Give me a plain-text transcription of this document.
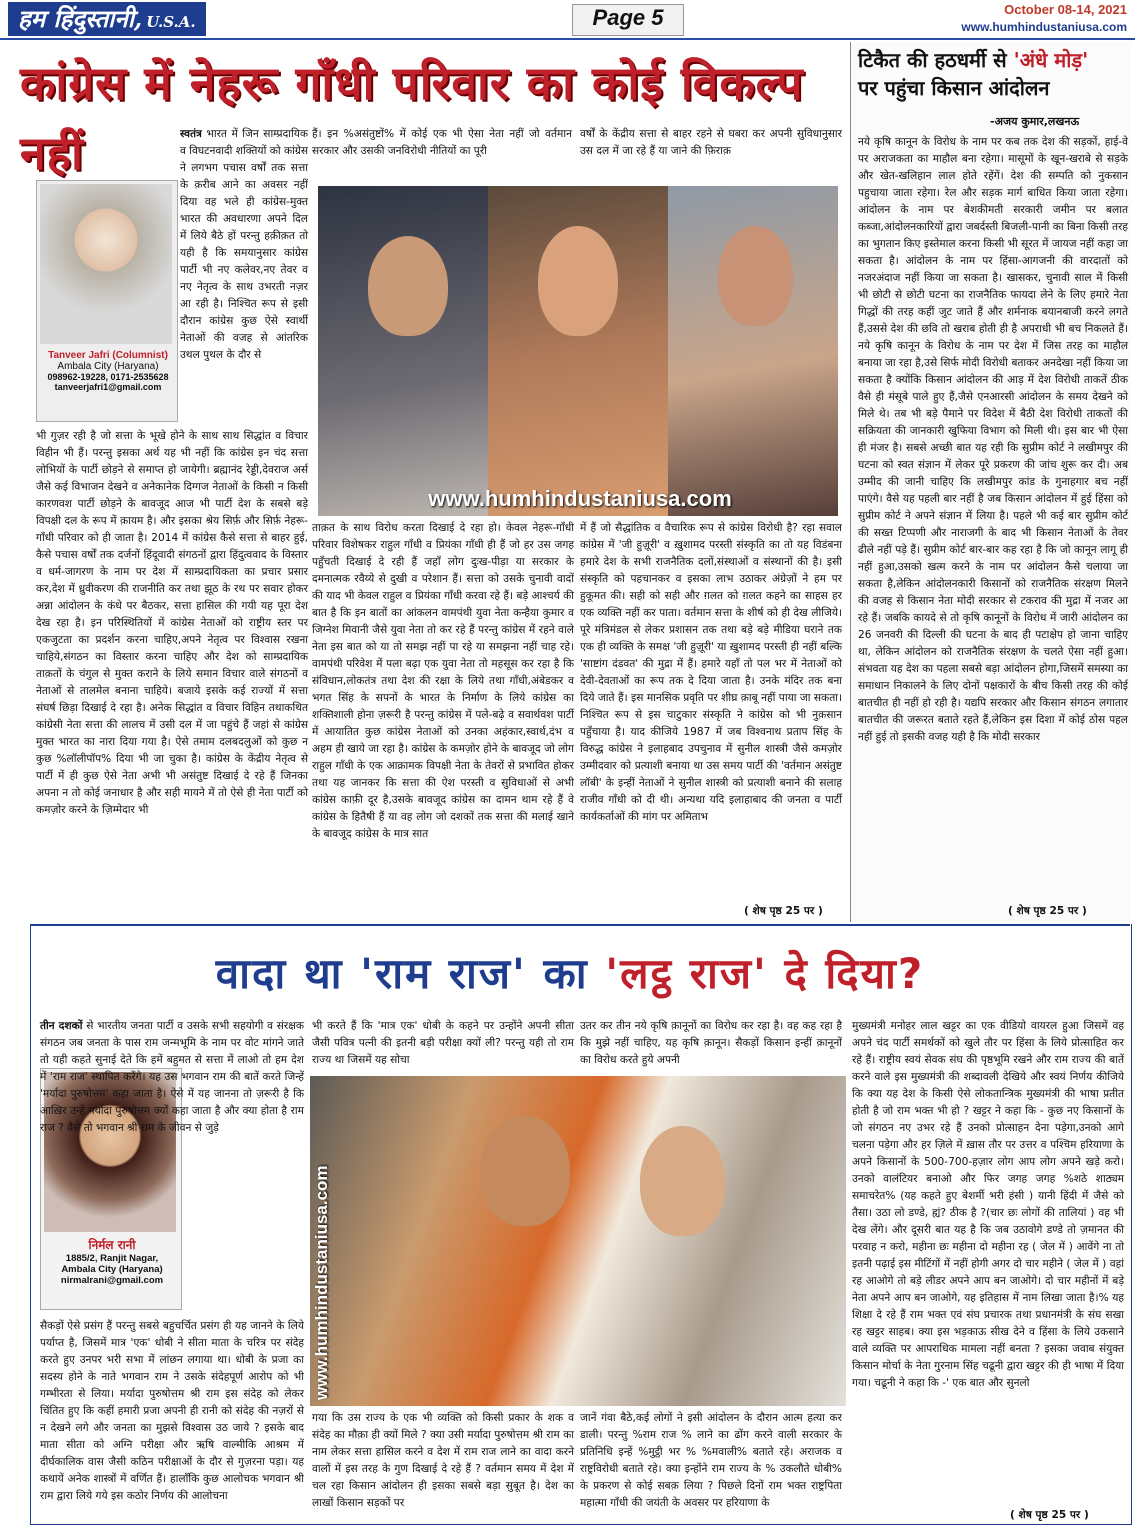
हम हिंदुस्तानी, U.S.A.	Page 5	October 08-14, 2021
www.humhindustaniusa.com
कांग्रेस में नेहरू गाँधी परिवार का कोई विकल्प नहीं
Tanveer Jafri (Columnist)
Ambala City (Haryana)
098962-19228, 0171-2535628
tanveerjafri1@gmail.com
स्वतंत्र भारत में जिन साम्प्रदायिक व विघटनवादी शक्तियों को कांग्रेस ने लगभग पचास वर्षों तक सत्ता के क़रीब आने का अवसर नहीं दिया वह भले ही कांग्रेस-मुक्त भारत की अवधारणा अपने दिल में लिये बैठे हों परन्तु हक़ीक़त तो यही है कि समयानुसार कांग्रेस पार्टी भी नए कलेवर,नए तेवर व नए नेतृत्व के साथ उभरती नज़र आ रही है। निश्चित रूप से इसी दौरान कांग्रेस कुछ ऐसे स्वार्थी नेताओं की वजह से आंतरिक उथल पुथल के दौर से
भी गुज़र रही है जो सत्ता के भूखे होने के साथ साथ सिद्धांत व विचार विहीन भी हैं। परन्तु इसका अर्थ यह भी नहीं कि कांग्रेस इन चंद सत्ता लोभियों के पार्टी छोड़ने से समाप्त हो जायेगी। ब्रह्मानंद रेड्डी,देवराज अर्स जैसे कई विभाजन देखने व अनेकानेक दिग्गज नेताओं के किसी न किसी कारणवश पार्टी छोड़ने के बावजूद आज भी पार्टी देश के सबसे बड़े विपक्षी दल के रूप में क़ायम है। और इसका श्रेय सिर्फ़ और सिर्फ़ नेहरू-गाँधी परिवार को ही जाता है। 2014 में कांग्रेस कैसे सत्ता से बाहर हुई, कैसे पचास वर्षों तक दर्जनों हिंदूवादी संगठनों द्वारा हिंदुत्ववाद के विस्तार व धर्म-जागरण के नाम पर देश में साम्प्रदायिकता का प्रचार प्रसार कर,देश में ध्रुवीकरण की राजनीति कर तथा झूठ के रथ पर सवार होकर अन्ना आंदोलन के कंधे पर बैठकर, सत्ता हासिल की गयी यह पूरा देश देख रहा है। इन परिस्थितियों में कांग्रेस नेताओं को राष्ट्रीय स्तर पर एकजुटता का प्रदर्शन करना चाहिए,अपने नेतृत्व पर विश्वास रखना चाहिये,संगठन का विस्तार करना चाहिए और देश को साम्प्रदायिक ताक़तों के चंगुल से मुक्त कराने के लिये समान विचार वाले संगठनों व नेताओं से तालमेल बनाना चाहिये। बजाये इसके कई राज्यों में सत्ता संघर्ष छिड़ा दिखाई दे रहा है। अनेक सिद्धांत व विचार विहिन तथाकथित कांग्रेसी नेता सत्ता की लालच में उसी दल में जा पहुंचे हैं जहां से कांग्रेस मुक्त भारत का नारा दिया गया है। ऐसे तमाम दलबदलुओं को कुछ न कुछ %लॉलीपॉप% दिया भी जा चुका है। कांग्रेस के केंद्रीय नेतृत्व से पार्टी में ही कुछ ऐसे नेता अभी भी असंतुष्ट दिखाई दे रहे हैं जिनका अपना न तो कोई जनाधार है और सही मायने में तो ऐसे ही नेता पार्टी को कमज़ोर करने के ज़िम्मेदार भी
www.humhindustaniusa.com
हैं। इन %असंतुष्टों% में कोई एक भी ऐसा नेता नहीं जो वर्तमान सरकार और उसकी जनविरोधी नीतियों का पूरी
वर्षों के केंद्रीय सत्ता से बाहर रहने से घबरा कर अपनी सुविधानुसार उस दल में जा रहे हैं या जाने की फ़िराक़
ताक़त के साथ विरोध करता दिखाई दे रहा हो। केवल नेहरू-गाँधी परिवार विशेषकर राहुल गाँधी व प्रियंका गाँधी ही हैं जो हर उस जगह पहुँचती दिखाई दे रही हैं जहाँ लोग दुःख-पीड़ा या सरकार के दमनात्मक रवैय्ये से दुखी व परेशान हैं। सत्ता को उसके चुनावी वादों की याद भी केवल राहुल व प्रियंका गाँधी करवा रहे हैं। बड़े आश्चर्य की बात है कि इन बातों का आंकलन वामपंथी युवा नेता कन्हैया कुमार व जिग्नेश मिवानी जैसे युवा नेता तो कर रहे हैं परन्तु कांग्रेस में रहने वाले नेता इस बात को या तो समझ नहीं पा रहे या समझना नहीं चाह रहे। वामपंथी परिवेश में पला बढ़ा एक युवा नेता तो महसूस कर रहा है कि संविधान,लोकतंत्र तथा देश की रक्षा के लिये तथा गाँधी,अंबेडकर व भगत सिंह के सपनों के भारत के निर्माण के लिये कांग्रेस का शक्तिशाली होना ज़रूरी है परन्तु कांग्रेस में पले-बढ़े व सवार्थवश पार्टी में आयातित कुछ कांग्रेस नेताओं को उनका अहंकार,स्वार्थ,दंभ व अहम ही खाये जा रहा है। कांग्रेस के कमज़ोर होने के बावजूद जो लोग राहुल गाँधी के एक आक्रामक विपक्षी नेता के तेवरों से प्रभावित होकर तथा यह जानकर कि सत्ता की ऐश परस्ती व सुविधाओं से अभी कांग्रेस काफ़ी दूर है,उसके बावजूद कांग्रेस का दामन थाम रहे हैं वे कांग्रेस के हितैषी हैं या वह लोग जो दशकों तक सत्ता की मलाई खाने के बावजूद कांग्रेस के मात्र सात
में हैं जो सैद्धांतिक व वैचारिक रूप से कांग्रेस विरोधी है? रहा सवाल कांग्रेस में 'जी हुज़ूरी' व ख़ुशामद परस्ती संस्कृति का तो यह विडंबना हमारे देश के सभी राजनैतिक दलों,संस्थाओं व संस्थानों की है। इसी संस्कृति को पहचानकर व इसका लाभ उठाकर अंग्रेज़ों ने हम पर हुकूमत की। सही को सही और ग़लत को ग़लत कहने का साहस हर एक व्यक्ति नहीं कर पाता। वर्तमान सत्ता के शीर्ष को ही देख लीजिये। पूरे मंत्रिमंडल से लेकर प्रशासन तक तथा बड़े बड़े मीडिया घराने तक एक ही व्यक्ति के समक्ष 'जी हुज़ूरी' या ख़ुशामद परस्ती ही नहीं बल्कि 'साष्टांग दंडवत' की मुद्रा में हैं। हमारे यहाँ तो पल भर में नेताओं को देवी-देवताओं का रूप तक दे दिया जाता है। उनके मंदिर तक बना दिये जाते हैं। इस मानसिक प्रवृति पर शीघ्र क़ाबू नहीं पाया जा सकता। निश्चित रूप से इस चाटुकार संस्कृति ने कांग्रेस को भी नुक़सान पहुँचाया है। याद कीजिये 1987 में जब विश्वनाथ प्रताप सिंह के विरुद्ध कांग्रेस ने इलाहबाद उपचुनाव में सुनील शास्त्री जैसे कमज़ोर उम्मीदवार को प्रत्याशी बनाया था उस समय पार्टी की 'वर्तमान असंतुष्ट लॉबी' के इन्हीं नेताओं ने सुनील शास्त्री को प्रत्याशी बनाने की सलाह राजीव गाँधी को दी थी। अन्यथा यदि इलाहाबाद की जनता व पार्टी कार्यकर्ताओं की मांग पर अमिताभ
( शेष पृष्ठ 25 पर )
टिकैत की हठधर्मी से 'अंधे मोड़'
पर पहुंचा किसान आंदोलन
-अजय कुमार,लखनऊ
नये कृषि कानून के विरोध के नाम पर कब तक देश की सड़कों, हाई-वे पर अराजकता का माहौल बना रहेगा। मासूमों के खून-खराबे से सड़के और खेत-खलिहान लाल होते रहेंगें। देश की सम्पति को नुकसान पहुचाया जाता रहेगा। रेल और सड़क मार्ग बाधित किया जाता रहेगा। आंदोलन के नाम पर बेशकीमती सरकारी जमीन पर बलात कब्जा,आंदोलनकारियों द्वारा जबर्दस्ती बिजली-पानी का बिना किसी तरह का भुगतान किए इस्तेमाल करना किसी भी सूरत में जायज नहीं कहा जा सकता है। आंदोलन के नाम पर हिंसा-आगजनी की वारदातों को नजरअंदाज नहीं किया जा सकता है। खासकर, चुनावी साल में किसी भी छोटी से छोटी घटना का राजनैतिक फायदा लेने के लिए हमारे नेता गिद्धों की तरह कहीं जुट जाते हैं और शर्मनाक बयानबाजी करने लगते हैं,उससे देश की छवि तो खराब होती ही है अपराधी भी बच निकलते हैं। नये कृषि कानून के विरोध के नाम पर देश में जिस तरह का माहौल बनाया जा रहा है,उसे सिर्फ मोदी विरोधी बताकर अनदेखा नहीं किया जा सकता है क्योंकि किसान आंदोलन की आड़ में देश विरोधी ताकतें ठीक वैसे ही मंसूबे पाले हुए हैं,जैसे एनआरसी आंदोलन के समय देखने को मिले थे। तब भी बड़े पैमाने पर विदेश में बैठी देश विरोधी ताकतों की सक्रियता की जानकारी खुफिया विभाग को मिली थी। इस बार भी ऐसा ही मंजर है। सबसे अच्छी बात यह रही कि सुप्रीम कोर्ट ने लखीमपुर की घटना को स्वत संज्ञान में लेकर पूरे प्रकरण की जांच शुरू कर दी। अब उम्मीद की जानी चाहिए कि लखीमपुर कांड के गुनाहगार बच नहीं पाएंगे। वैसे यह पहली बार नहीं है जब किसान आंदोलन में हुई हिंसा को सुप्रीम कोर्ट ने अपने संज्ञान में लिया है। पहले भी कई बार सुप्रीम कोर्ट की सख्त टिप्पणी और नाराजगी के बाद भी किसान नेताओं के तेवर ढीले नहीं पड़े हैं। सुप्रीम कोर्ट बार-बार कह रहा है कि जो कानून लागू ही नहीं हुआ,उसको खत्म करने के नाम पर आंदोलन कैसे चलाया जा सकता है,लेकिन आंदोलनकारी किसानों को राजनैतिक संरक्षण मिलने की वजह से किसान नेता मोदी सरकार से टकराव की मुद्रा में नजर आ रहे हैं। जबकि कायदे से तो कृषि कानूनों के विरोध में जारी आंदोलन का 26 जनवरी की दिल्ली की घटना के बाद ही पटाक्षेप हो जाना चाहिए था, लेकिन आंदोलन को राजनैतिक संरक्षण के चलते ऐसा नहीं हुआ। संभवता यह देश का पहला सबसे बड़ा आंदोलन होगा,जिसमें समस्या का समाधान निकालने के लिए दोनों पक्षकारों के बीच किसी तरह की कोई बातचीत ही नहीं हो रही है। यद्यपि सरकार और किसान संगठन लगातार बातचीत की जरूरत बताते रहते हैं,लेकिन इस दिशा में कोई ठोस पहल नहीं हुई तो इसकी वजह यही है कि मोदी सरकार
( शेष पृष्ठ 25 पर )
वादा था 'राम राज' का 'लट्ठ राज' दे दिया?
निर्मल रानी
1885/2, Ranjit Nagar,
Ambala City (Haryana)
nirmalrani@gmail.com
तीन दशकों से भारतीय जनता पार्टी व उसके सभी सहयोगी व संरक्षक संगठन जब जनता के पास राम जन्मभूमि के नाम पर वोट मांगने जाते तो यही कहते सुनाई देते कि हमें बहुमत से सत्ता में लाओ तो हम देश में 'राम राज' स्थापित करेंगे। यह उस भगवान राम की बातें करते जिन्हें 'मर्यादा पुरुषोत्तम' कहा जाता है। ऐसे में यह जानना तो ज़रूरी है कि आख़िर उन्हें मर्यादा पुरुषोत्तम क्यों कहा जाता है और क्या होता है राम राज ? वैसे तो भगवान श्री राम के जीवन से जुड़े
सैकड़ों ऐसे प्रसंग हैं परन्तु सबसे बहुचर्चित प्रसंग ही यह जानने के लिये पर्याप्त है, जिसमें मात्र 'एक' धोबी ने सीता माता के चरित्र पर संदेह करते हुए उनपर भरी सभा में लांछन लगाया था। धोबी के प्रजा का सदस्य होने के नाते भगवान राम ने उसके संदेहपूर्ण आरोप को भी गम्भीरता से लिया। मर्यादा पुरुषोत्तम श्री राम इस संदेह को लेकर चिंतित हुए कि कहीं हमारी प्रजा अपनी ही रानी को संदेह की नज़रों से न देखने लगे और जनता का मुझसे विश्वास उठ जाये ? इसके बाद माता सीता को अग्नि परीक्षा और ऋषि वाल्मीकि आश्रम में दीर्घकालिक वास जैसी कठिन परीक्षाओं के दौर से गुज़रना पड़ा। यह कथायें अनेक शास्त्रों में वर्णित हैं। हालाँकि कुछ आलोचक भगवान श्री राम द्वारा लिये गये इस कठोर निर्णय की आलोचना
भी करते हैं कि 'मात्र एक' धोबी के कहने पर उन्होंने अपनी सीता जैसी पवित्र पत्नी की इतनी बड़ी परीक्षा क्यों ली? परन्तु यही तो राम राज्य था जिसमें यह सोचा
उतर कर तीन नये कृषि क़ानूनों का विरोध कर रहा है। वह कह रहा है कि मुझे नहीं चाहिए, यह कृषि क़ानून। सैकड़ों किसान इन्हीं क़ानूनों का विरोध करते हुये अपनी
www.humhindustaniusa.com
गया कि उस राज्य के एक भी व्यक्ति को किसी प्रकार के शक व संदेह का मौक़ा ही क्यों मिले ? क्या उसी मर्यादा पुरुषोत्तम श्री राम का नाम लेकर सत्ता हासिल करने व देश में राम राज लाने का वादा करने वालों में इस तरह के गुण दिखाई दे रहे हैं ? वर्तमान समय में देश में चल रहा किसान आंदोलन ही इसका सबसे बड़ा सुबूत है। देश का लाखों किसान सड़कों पर
जानें गंवा बैठे,कई लोगों ने इसी आंदोलन के दौरान आत्म हत्या कर डाली। परन्तु %राम राज % लाने का ढोंग करने वाली सरकार के प्रतिनिधि इन्हें %मुट्ठी भर % %मवाली% बताते रहे। अराजक व राष्ट्रविरोधी बताते रहे। क्या इन्होंने राम राज्य के % उकलौते धोबी% के प्रकरण से कोई सबक़ लिया ? पिछले दिनों राम भक्त राष्ट्रपिता महात्मा गाँधी की जयंती के अवसर पर हरियाणा के
मुख्यमंत्री मनोहर लाल खट्टर का एक वीडियो वायरल हुआ जिसमें वह अपने चंद पार्टी समर्थकों को खुले तौर पर हिंसा के लिये प्रोत्साहित कर रहे हैं। राष्ट्रीय स्वयं सेवक संघ की पृष्ठभूमि रखने और राम राज्य की बातें करने वाले इस मुख्यमंत्री की शब्दावली देखिये और स्वयं निर्णय कीजिये कि क्या यह देश के किसी ऐसे लोकतान्त्रिक मुख्यमंत्री की भाषा प्रतीत होती है जो राम भक्त भी हो ? खट्टर ने कहा कि - कुछ नए किसानों के जो संगठन नए उभर रहे हैं उनको प्रोत्साहन देना पड़ेगा,उनको आगे चलना पड़ेगा और हर ज़िले में ख़ास तौर पर उत्तर व पश्चिम हरियाणा के अपने किसानों के 500-700-हज़ार लोग आप लोग अपने खड़े करो। उनको वालंटियर बनाओ और फिर जगह जगह %शठे शाठ्यम समाचरेत% (यह कहते हुए बेशर्मी भरी हंसी ) यानी हिंदी में जैसे को तैसा। उठा लो डण्डे, ह्यं? ठीक है ?(चार छः लोगों की तालियां ) वह भी देख लेंगे। और दूसरी बात यह है कि जब उठावोगे डण्डे तो ज़मानत की परवाह न करो, महीना छः महीना दो महीना रह ( जेल में ) आवेंगे ना तो इतनी पढ़ाई इस मीटिंगों में नहीं होगी अगर दो चार महीने ( जेल में ) वहां रह आओगे तो बड़े लीडर अपने आप बन जाओगे। दो चार महीनों में बड़े नेता अपने आप बन जाओगे, यह इतिहास में नाम लिखा जाता है।% यह शिक्षा दे रहे हैं राम भक्त एवं संघ प्रचारक तथा प्रधानमंत्री के संघ सखा रह खट्टर साहब। क्या इस भड़काऊ सीख देने व हिंसा के लिये उकसाने वाले व्यक्ति पर आपराधिक मामला नहीं बनता ? इसका जवाब संयुक्त किसान मोर्चा के नेता गुरनाम सिंह चढूनी द्वारा खट्टर की ही भाषा में दिया गया। चढूनी ने कहा कि -' एक बात और सुनलो
( शेष पृष्ठ 25 पर )
